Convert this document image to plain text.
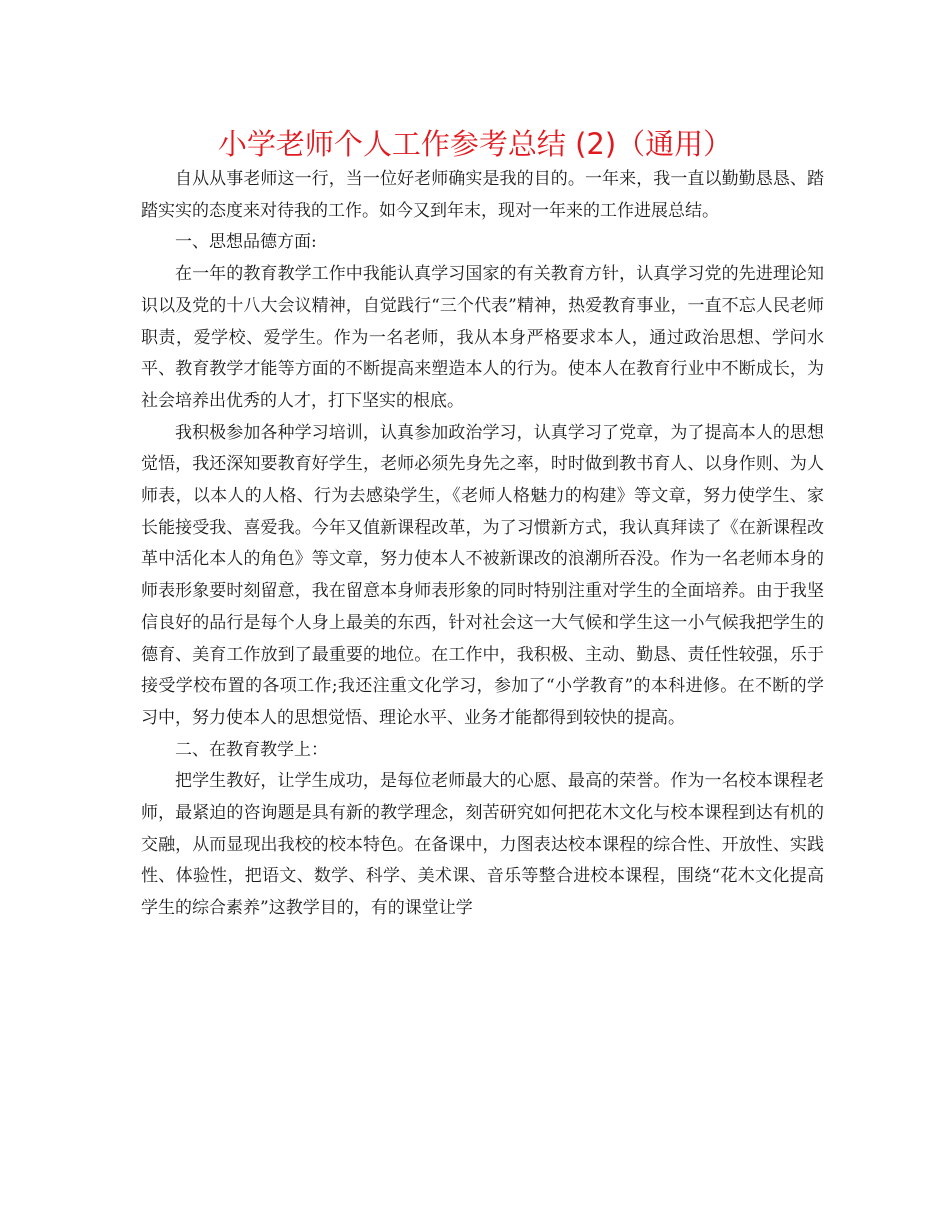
小学老师个人工作参考总结 (2)（通用）

自从从事老师这一行，当一位好老师确实是我的目的。一年来，我一直以勤勤恳恳、踏踏实实的态度来对待我的工作。如今又到年末，现对一年来的工作进展总结。

一、思想品德方面:

在一年的教育教学工作中我能认真学习国家的有关教育方针，认真学习党的先进理论知识以及党的十八大会议精神，自觉践行“三个代表”精神，热爱教育事业，一直不忘人民老师职责，爱学校、爱学生。作为一名老师，我从本身严格要求本人，通过政治思想、学问水平、教育教学才能等方面的不断提高来塑造本人的行为。使本人在教育行业中不断成长，为社会培养出优秀的人才，打下坚实的根底。

我积极参加各种学习培训，认真参加政治学习，认真学习了党章，为了提高本人的思想觉悟，我还深知要教育好学生，老师必须先身先之率，时时做到教书育人、以身作则、为人师表，以本人的人格、行为去感染学生，《老师人格魅力的构建》等文章，努力使学生、家长能接受我、喜爱我。今年又值新课程改革，为了习惯新方式，我认真拜读了《在新课程改革中活化本人的角色》等文章，努力使本人不被新课改的浪潮所吞没。作为一名老师本身的师表形象要时刻留意，我在留意本身师表形象的同时特别注重对学生的全面培养。由于我坚信良好的品行是每个人身上最美的东西，针对社会这一大气候和学生这一小气候我把学生的德育、美育工作放到了最重要的地位。在工作中，我积极、主动、勤恳、责任性较强，乐于接受学校布置的各项工作;我还注重文化学习，参加了“小学教育”的本科进修。在不断的学习中，努力使本人的思想觉悟、理论水平、业务才能都得到较快的提高。

二、在教育教学上：

把学生教好，让学生成功，是每位老师最大的心愿、最高的荣誉。作为一名校本课程老师，最紧迫的咨询题是具有新的教学理念，刻苦研究如何把花木文化与校本课程到达有机的交融，从而显现出我校的校本特色。在备课中，力图表达校本课程的综合性、开放性、实践性、体验性，把语文、数学、科学、美术课、音乐等整合进校本课程，围绕“花木文化提高学生的综合素养”这教学目的，有的课堂让学
